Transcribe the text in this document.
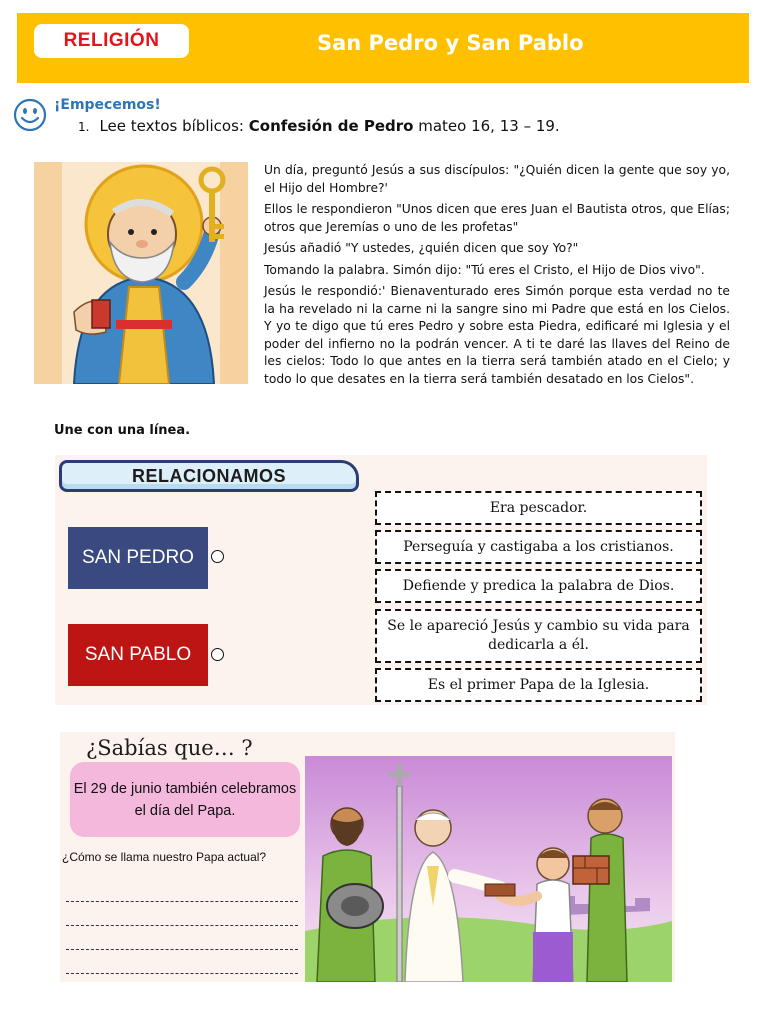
RELIGIÓN	San Pedro y San Pablo
¡Empecemos!
1. Lee textos bíblicos: Confesión de Pedro mateo 16, 13 – 19.

Un día, preguntó Jesús a sus discípulos: "¿Quién dicen la gente que soy yo, el Hijo del Hombre?'

Ellos le respondieron "Unos dicen que eres Juan el Bautista otros, que Elías; otros que Jeremías o uno de les profetas"

Jesús añadió "Y ustedes, ¿quién dicen que soy Yo?"

Tomando la palabra. Simón dijo: "Tú eres el Cristo, el Hijo de Dios vivo".

Jesús le respondió:' Bienaventurado eres Simón porque esta verdad no te la ha revelado ni la carne ni la sangre sino mi Padre que está en los Cielos. Y yo te digo que tú eres Pedro y sobre esta Piedra, edificaré mi Iglesia y el poder del infierno no la podrán vencer. A ti te daré las llaves del Reino de les cielos: Todo lo que antes en la tierra será también atado en el Cielo; y todo lo que desates en la tierra será también desatado en los Cielos".

Une con una línea.
RELACIONAMOS
SAN PEDRO
SAN PABLO
Era pescador.
Perseguía y castigaba a los cristianos.
Defiende y predica la palabra de Dios.
Se le apareció Jesús y cambio su vida para dedicarla a él.
Es el primer Papa de la Iglesia.
¿Sabías que… ?
El 29 de junio también celebramos el día del Papa.
¿Cómo se llama nuestro Papa actual?
